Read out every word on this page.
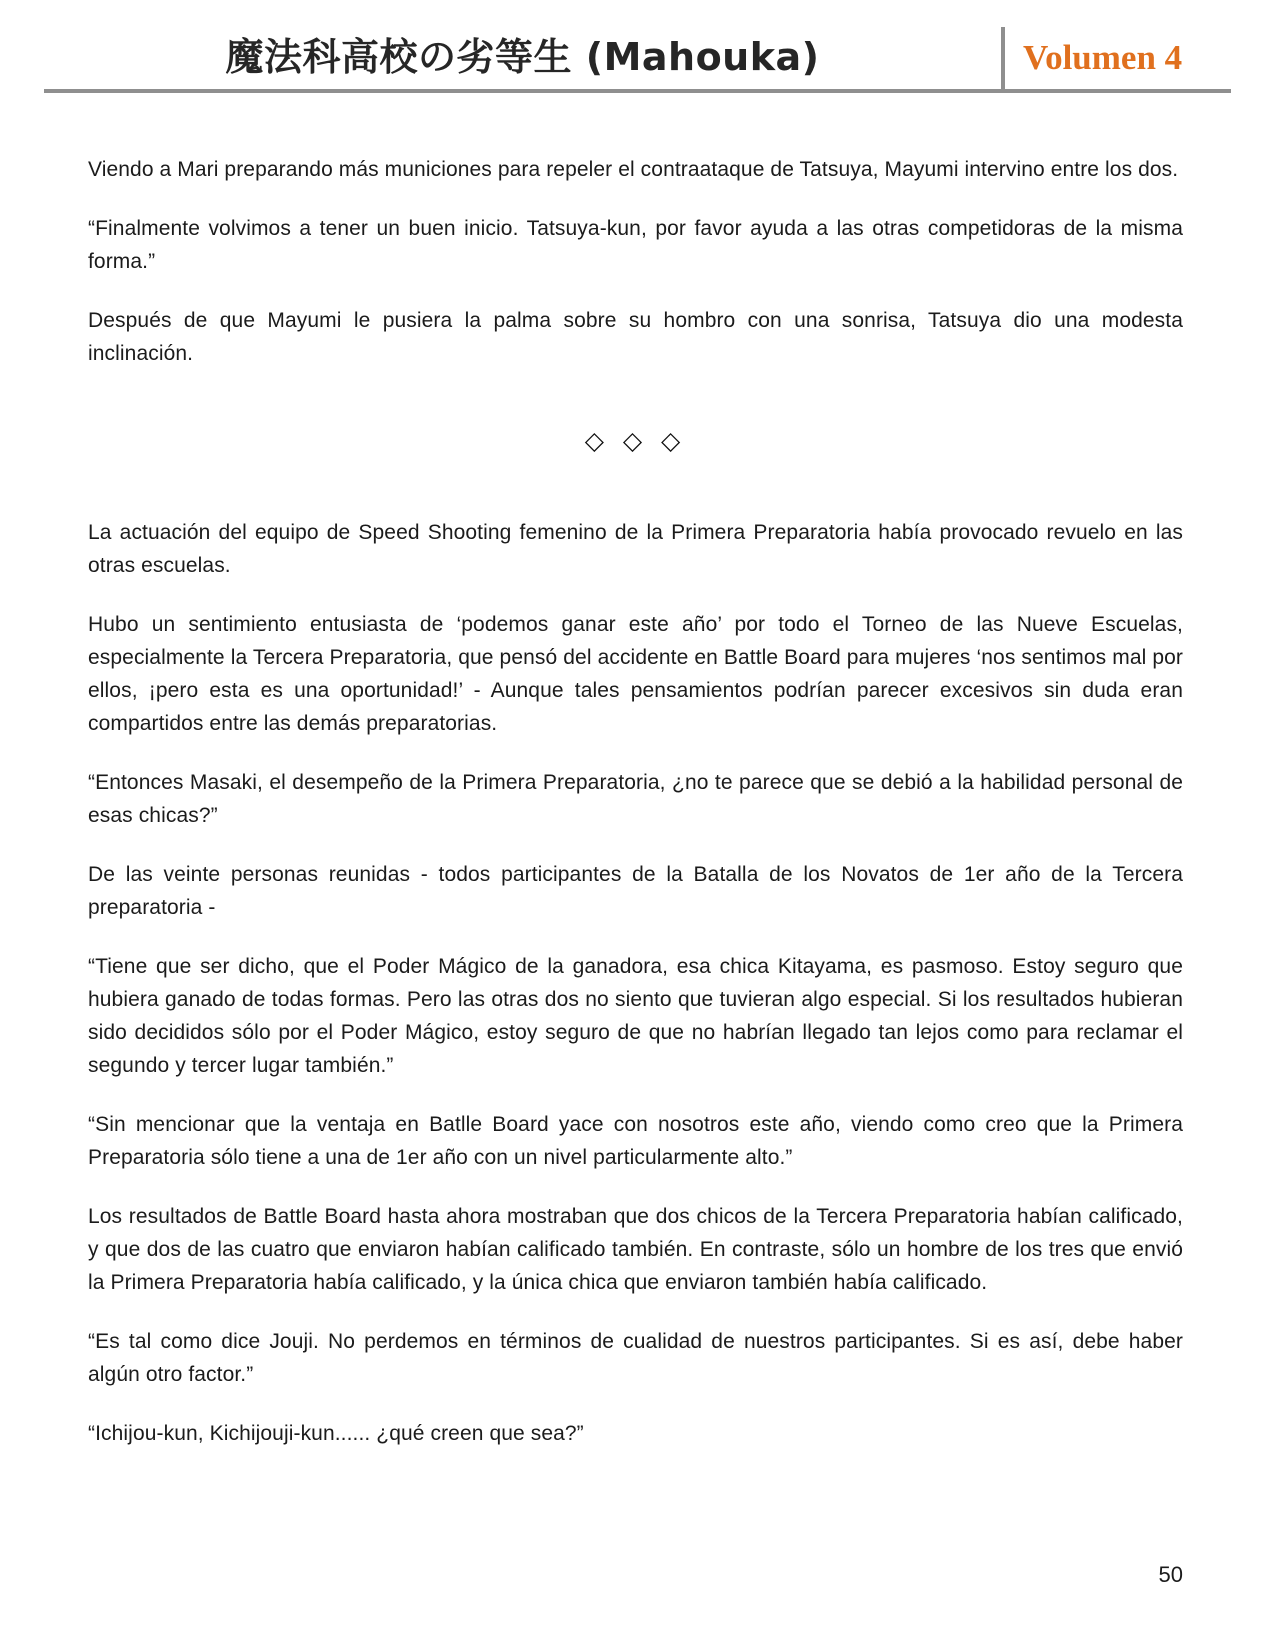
魔法科高校の劣等生 (Mahouka)	Volumen 4

Viendo a Mari preparando más municiones para repeler el contraataque de Tatsuya, Mayumi intervino entre los dos.

“Finalmente volvimos a tener un buen inicio. Tatsuya-kun, por favor ayuda a las otras competidoras de la misma forma.”

Después de que Mayumi le pusiera la palma sobre su hombro con una sonrisa, Tatsuya dio una modesta inclinación.

◇ ◇ ◇

La actuación del equipo de Speed Shooting femenino de la Primera Preparatoria había provocado revuelo en las otras escuelas.

Hubo un sentimiento entusiasta de ‘podemos ganar este año’ por todo el Torneo de las Nueve Escuelas, especialmente la Tercera Preparatoria, que pensó del accidente en Battle Board para mujeres ‘nos sentimos mal por ellos, ¡pero esta es una oportunidad!’ - Aunque tales pensamientos podrían parecer excesivos sin duda eran compartidos entre las demás preparatorias.

“Entonces Masaki, el desempeño de la Primera Preparatoria, ¿no te parece que se debió a la habilidad personal de esas chicas?”

De las veinte personas reunidas - todos participantes de la Batalla de los Novatos de 1er año de la Tercera preparatoria -

“Tiene que ser dicho, que el Poder Mágico de la ganadora, esa chica Kitayama, es pasmoso. Estoy seguro que hubiera ganado de todas formas. Pero las otras dos no siento que tuvieran algo especial. Si los resultados hubieran sido decididos sólo por el Poder Mágico, estoy seguro de que no habrían llegado tan lejos como para reclamar el segundo y tercer lugar también.”

“Sin mencionar que la ventaja en Batlle Board yace con nosotros este año, viendo como creo que la Primera Preparatoria sólo tiene a una de 1er año con un nivel particularmente alto.”

Los resultados de Battle Board hasta ahora mostraban que dos chicos de la Tercera Preparatoria habían calificado, y que dos de las cuatro que enviaron habían calificado también. En contraste, sólo un hombre de los tres que envió la Primera Preparatoria había calificado, y la única chica que enviaron también había calificado.

“Es tal como dice Jouji. No perdemos en términos de cualidad de nuestros participantes. Si es así, debe haber algún otro factor.”

“Ichijou-kun, Kichijouji-kun...... ¿qué creen que sea?”

50
